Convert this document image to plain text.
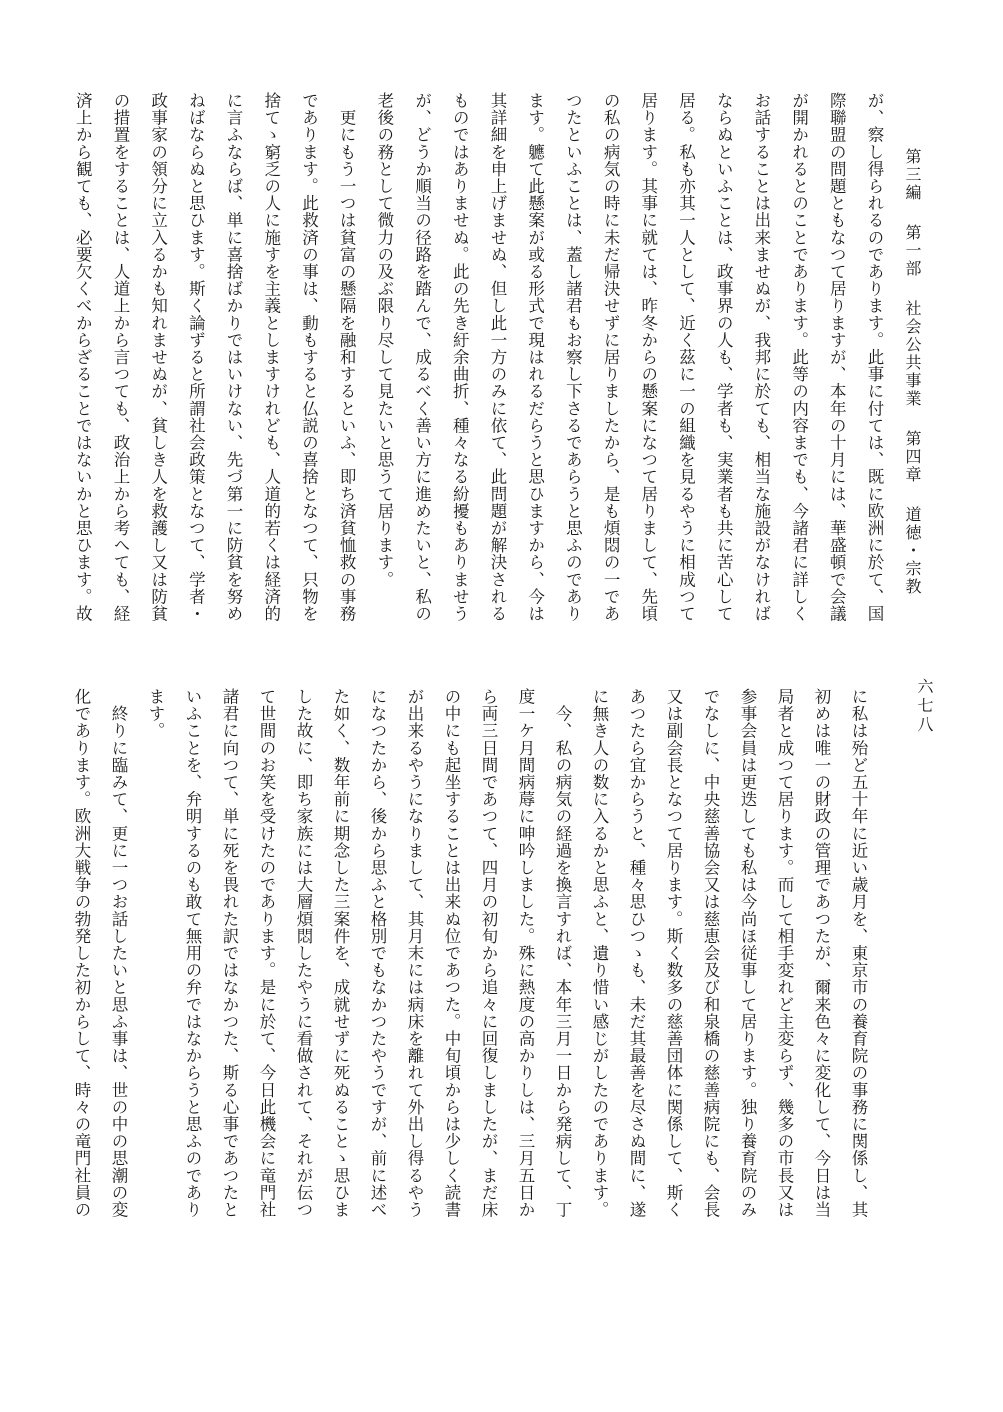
第三編第一部社会公共事業第四章道徳・宗教
六七八
が、察し得られるのであります。此事に付ては、既に欧洲に於て、国
際聯盟の問題ともなつて居りますが、本年の十月には、華盛頓で会議
が開かれるとのことであります。此等の内容までも、今諸君に詳しく
お話することは出来ませぬが、我邦に於ても、相当な施設がなければ
ならぬといふことは、政事界の人も、学者も、実業者も共に苦心して
居る。私も亦其一人として、近く茲に一の組織を見るやうに相成つて
居ります。其事に就ては、昨冬からの懸案になつて居りまして、先頃
の私の病気の時に未だ帰決せずに居りましたから、是も煩悶の一であ
つたといふことは、蓋し諸君もお察し下さるであらうと思ふのであり
ます。軈て此懸案が或る形式で現はれるだらうと思ひますから、今は
其詳細を申上げませぬ、但し此一方のみに依て、此問題が解決される
ものではありませぬ。此の先き紆余曲折、種々なる紛擾もありませう
が、どうか順当の径路を踏んで、成るべく善い方に進めたいと、私の
老後の務として微力の及ぶ限り尽して見たいと思うて居ります。
　更にもう一つは貧富の懸隔を融和するといふ、即ち済貧恤救の事務
であります。此救済の事は、動もすると仏説の喜捨となつて、只物を
捨てゝ窮乏の人に施すを主義としますけれども、人道的若くは経済的
に言ふならば、単に喜捨ばかりではいけない、先づ第一に防貧を努め
ねばならぬと思ひます。斯く論ずると所謂社会政策となつて、学者・
政事家の領分に立入るかも知れませぬが、貧しき人を救護し又は防貧
の措置をすることは、人道上から言つても、政治上から考へても、経
済上から観ても、必要欠くべからざることではないかと思ひます。故
に私は殆ど五十年に近い歳月を、東京市の養育院の事務に関係し、其
初めは唯一の財政の管理であつたが、爾来色々に変化して、今日は当
局者と成つて居ります。而して相手変れど主変らず、幾多の市長又は
参事会員は更迭しても私は今尚ほ従事して居ります。独り養育院のみ
でなしに、中央慈善協会又は慈恵会及び和泉橋の慈善病院にも、会長
又は副会長となつて居ります。斯く数多の慈善団体に関係して、斯く
あつたら宜からうと、種々思ひつゝも、未だ其最善を尽さぬ間に、遂
に無き人の数に入るかと思ふと、遺り惜い感じがしたのであります。
　今、私の病気の経過を換言すれば、本年三月一日から発病して、丁
度一ケ月間病蓐に呻吟しました。殊に熱度の高かりしは、三月五日か
ら両三日間であつて、四月の初旬から追々に回復しましたが、まだ床
の中にも起坐することは出来ぬ位であつた。中旬頃からは少しく読書
が出来るやうになりまして、其月末には病床を離れて外出し得るやう
になつたから、後から思ふと格別でもなかつたやうですが、前に述べ
た如く、数年前に期念した三案件を、成就せずに死ぬることゝ思ひま
した故に、即ち家族には大層煩悶したやうに看做されて、それが伝つ
て世間のお笑を受けたのであります。是に於て、今日此機会に竜門社
諸君に向つて、単に死を畏れた訳ではなかつた、斯る心事であつたと
いふことを、弁明するのも敢て無用の弁ではなからうと思ふのであり
ます。
　終りに臨みて、更に一つお話したいと思ふ事は、世の中の思潮の変
化であります。欧洲大戦争の勃発した初からして、時々の竜門社員の
